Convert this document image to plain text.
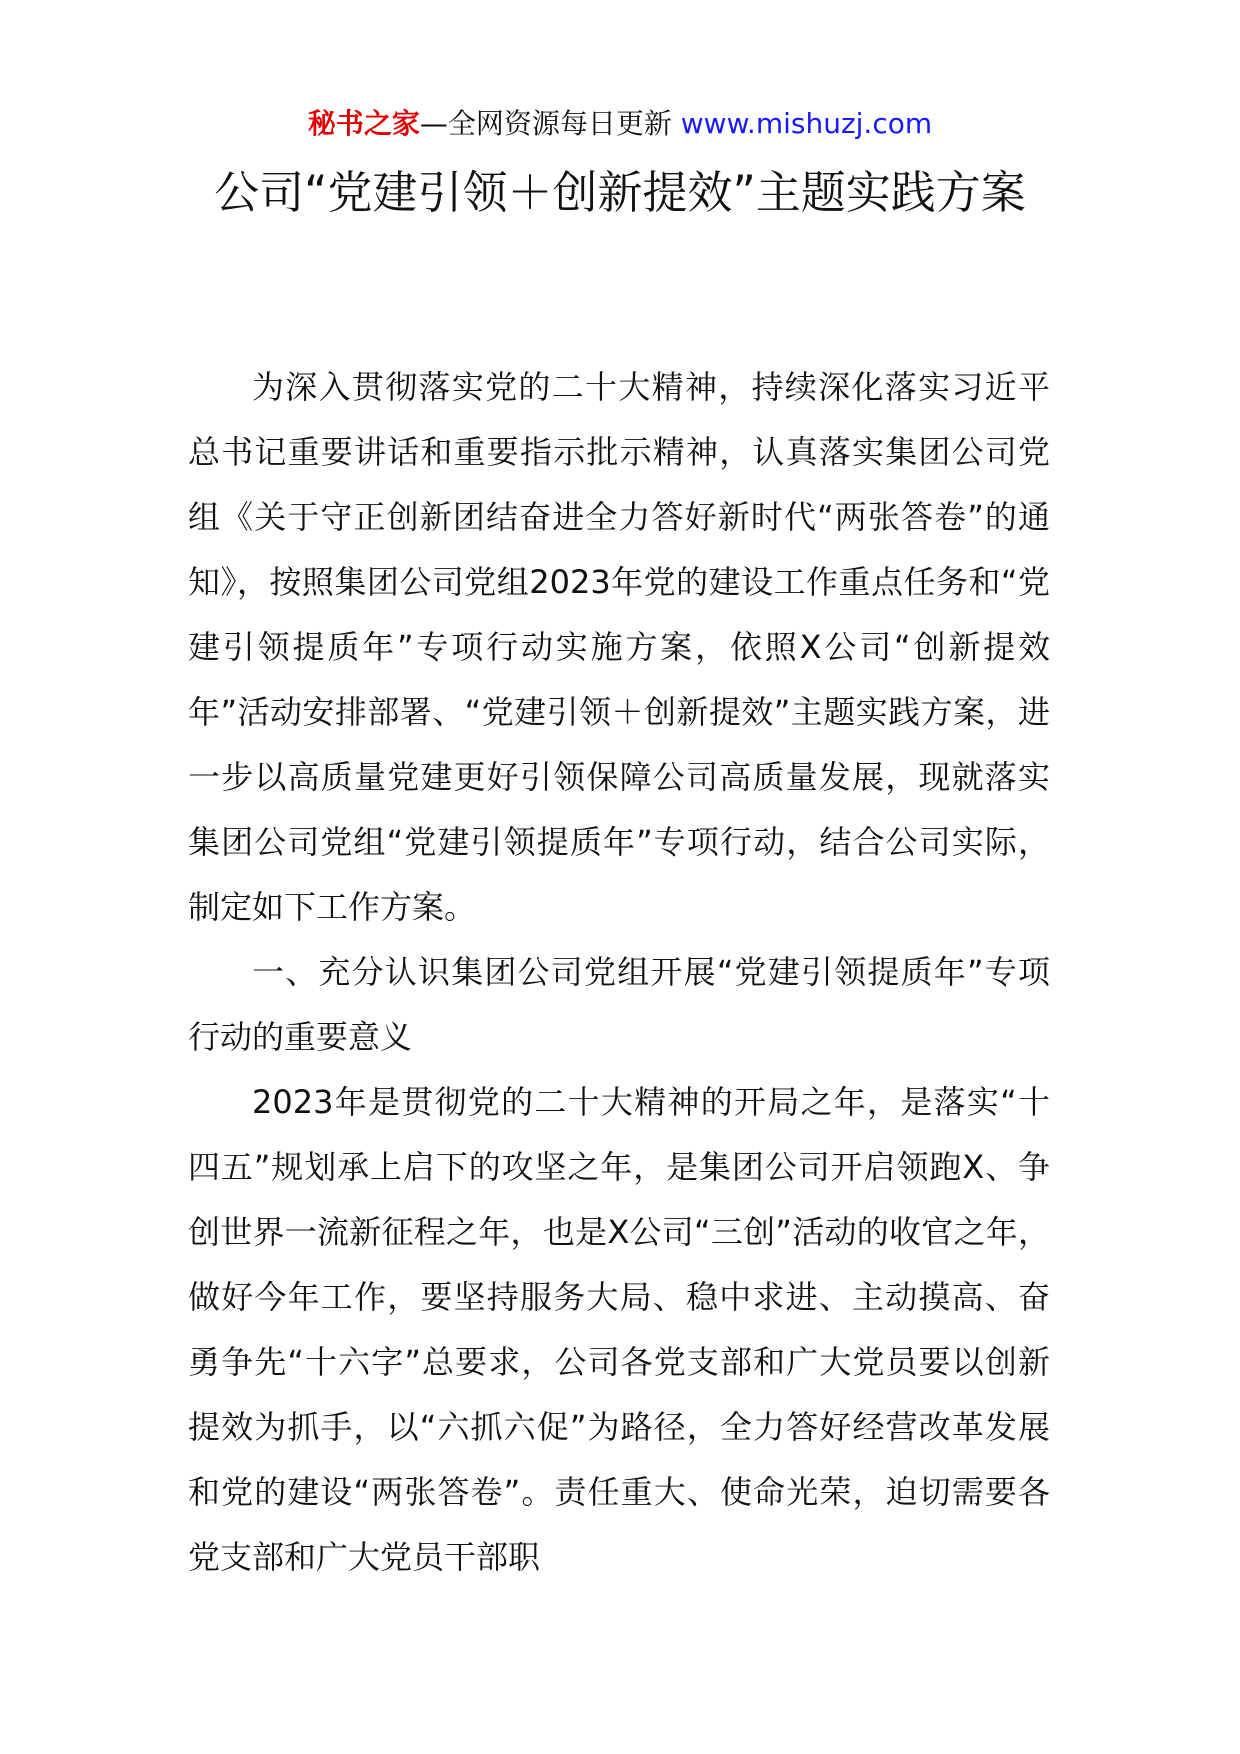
秘书之家—全网资源每日更新 www.mishuzj.com
公司“党建引领＋创新提效”主题实践方案

为深入贯彻落实党的二十大精神，持续深化落实习近平总书记重要讲话和重要指示批示精神，认真落实集团公司党组《关于守正创新团结奋进全力答好新时代“两张答卷”的通知》，按照集团公司党组2023年党的建设工作重点任务和“党建引领提质年”专项行动实施方案，依照X公司“创新提效年”活动安排部署、“党建引领＋创新提效”主题实践方案，进一步以高质量党建更好引领保障公司高质量发展，现就落实集团公司党组“党建引领提质年”专项行动，结合公司实际，制定如下工作方案。

一、充分认识集团公司党组开展“党建引领提质年”专项行动的重要意义

2023年是贯彻党的二十大精神的开局之年，是落实“十四五”规划承上启下的攻坚之年，是集团公司开启领跑X、争创世界一流新征程之年，也是X公司“三创”活动的收官之年，做好今年工作，要坚持服务大局、稳中求进、主动摸高、奋勇争先“十六字”总要求，公司各党支部和广大党员要以创新提效为抓手，以“六抓六促”为路径，全力答好经营改革发展和党的建设“两张答卷”。责任重大、使命光荣，迫切需要各党支部和广大党员干部职
